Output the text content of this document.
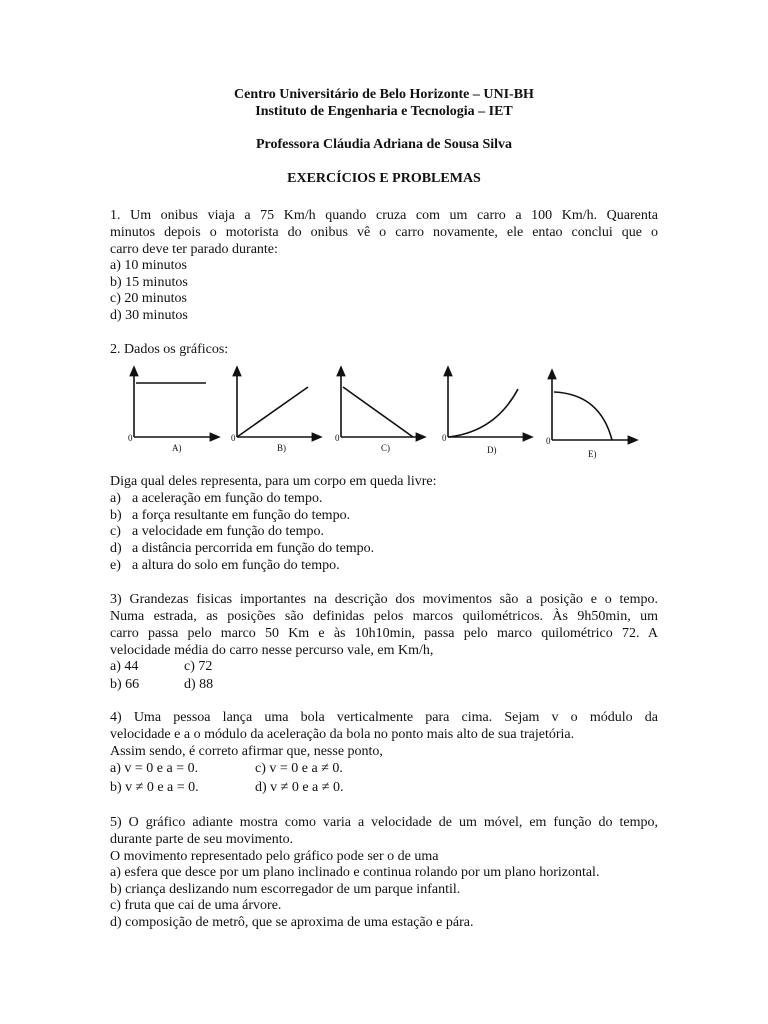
Centro Universitário de Belo Horizonte – UNI-BH
Instituto de Engenharia e Tecnologia – IET
Professora Cláudia Adriana de Sousa Silva
EXERCÍCIOS E PROBLEMAS
1. Um onibus viaja a 75 Km/h quando cruza com um carro a 100 Km/h. Quarenta
minutos depois o motorista do onibus vê o carro novamente, ele entao conclui que o
carro deve ter parado durante:
a) 10 minutos
b) 15 minutos
c) 20 minutos
d) 30 minutos
2. Dados os gráficos:
0
A)
0
B)
0
C)
0
D)
0
E)
Diga qual deles representa, para um corpo em queda livre:
a) a aceleração em função do tempo.
b) a força resultante em função do tempo.
c) a velocidade em função do tempo.
d) a distância percorrida em função do tempo.
e) a altura do solo em função do tempo.
3) Grandezas fisicas importantes na descrição dos movimentos são a posição e o tempo.
Numa estrada, as posições são definidas pelos marcos quilométricos. Às 9h50min, um
carro passa pelo marco 50 Km e às 10h10min, passa pelo marco quilométrico 72. A
velocidade média do carro nesse percurso vale, em Km/h,
a) 44	c) 72
b) 66	d) 88
4) Uma pessoa lança uma bola verticalmente para cima. Sejam v o módulo da
velocidade e a o módulo da aceleração da bola no ponto mais alto de sua trajetória.
Assim sendo, é correto afirmar que, nesse ponto,
a) v = 0 e a = 0.	c) v = 0 e a ≠ 0.
b) v ≠ 0 e a = 0.	d) v ≠ 0 e a ≠ 0.
5) O gráfico adiante mostra como varia a velocidade de um móvel, em função do tempo,
durante parte de seu movimento.
O movimento representado pelo gráfico pode ser o de uma
a) esfera que desce por um plano inclinado e continua rolando por um plano horizontal.
b) criança deslizando num escorregador de um parque infantil.
c) fruta que cai de uma árvore.
d) composição de metrô, que se aproxima de uma estação e pára.
